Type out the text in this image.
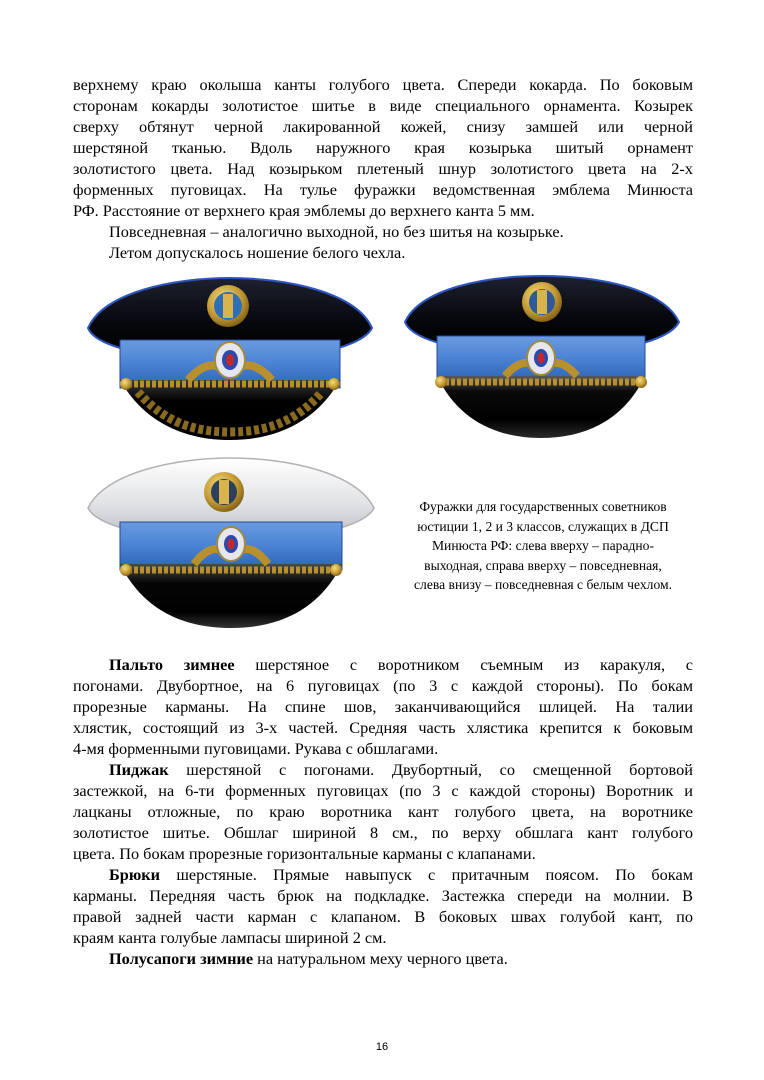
верхнему краю околыша канты голубого цвета. Спереди кокарда. По боковым
сторонам кокарды золотистое шитье в виде специального орнамента. Козырек
сверху обтянут черной лакированной кожей, снизу замшей или черной
шерстяной тканью. Вдоль наружного края козырька шитый орнамент
золотистого цвета. Над козырьком плетеный шнур золотистого цвета на 2-х
форменных пуговицах. На тулье фуражки ведомственная эмблема Минюста
РФ. Расстояние от верхнего края эмблемы до верхнего канта 5 мм.
Повседневная – аналогично выходной, но без шитья на козырьке.
Летом допускалось ношение белого чехла.
Фуражки для государственных советников
юстиции 1, 2 и 3 классов, служащих в ДСП
Минюста РФ: слева вверху – парадно-
выходная, справа вверху – повседневная,
слева внизу – повседневная с белым чехлом.
Пальто зимнее шерстяное с воротником съемным из каракуля, с
погонами. Двубортное, на 6 пуговицах (по 3 с каждой стороны). По бокам
прорезные карманы. На спине шов, заканчивающийся шлицей. На талии
хлястик, состоящий из 3-х частей. Средняя часть хлястика крепится к боковым
4-мя форменными пуговицами. Рукава с обшлагами.
Пиджак шерстяной с погонами. Двубортный, со смещенной бортовой
застежкой, на 6-ти форменных пуговицах (по 3 с каждой стороны) Воротник и
лацканы отложные, по краю воротника кант голубого цвета, на воротнике
золотистое шитье. Обшлаг шириной 8 см., по верху обшлага кант голубого
цвета. По бокам прорезные горизонтальные карманы с клапанами.
Брюки шерстяные. Прямые навыпуск с притачным поясом. По бокам
карманы. Передняя часть брюк на подкладке. Застежка спереди на молнии. В
правой задней части карман с клапаном. В боковых швах голубой кант, по
краям канта голубые лампасы шириной 2 см.
Полусапоги зимние на натуральном меху черного цвета.
16
